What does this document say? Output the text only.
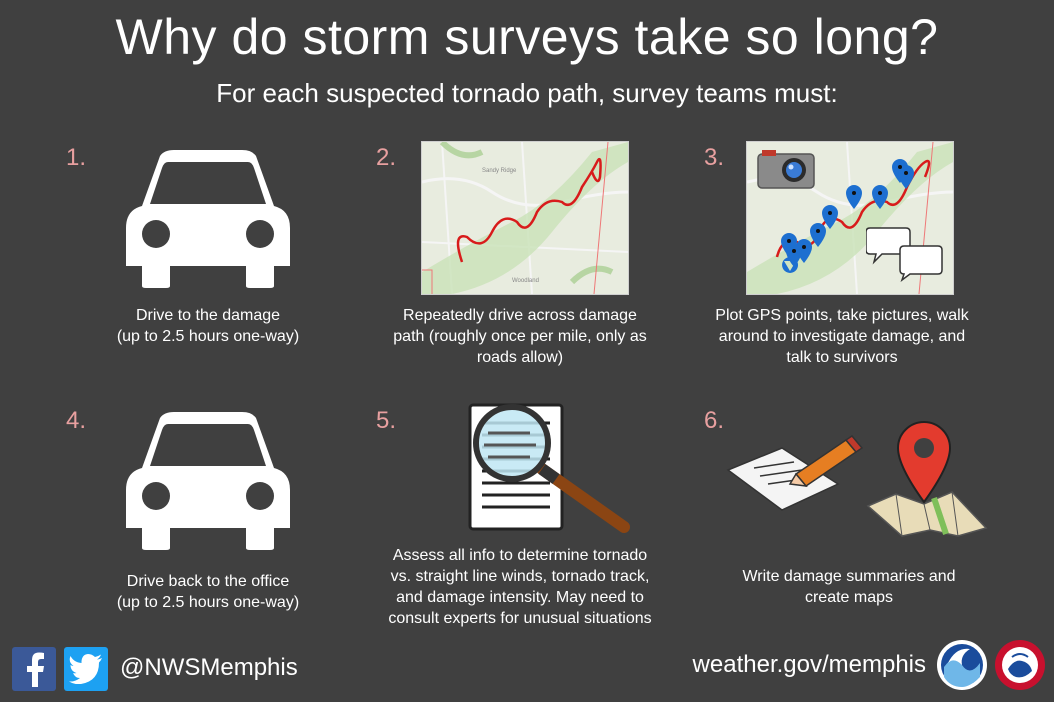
Why do storm surveys take so long?
For each suspected tornado path, survey teams must:
1.
Drive to the damage
(up to 2.5 hours one-way)
2.	Sandy Ridge
Woodland
Repeatedly drive across damage
path (roughly once per mile, only as
roads allow)
3.
Plot GPS points, take pictures, walk
around to investigate damage, and
talk to survivors
4.
Drive back to the office
(up to 2.5 hours one-way)
5.
Assess all info to determine tornado
vs. straight line winds, tornado track,
and damage intensity. May need to
consult experts for unusual situations
6.
Write damage summaries and
create maps
@NWSMemphis	weather.gov/memphis
